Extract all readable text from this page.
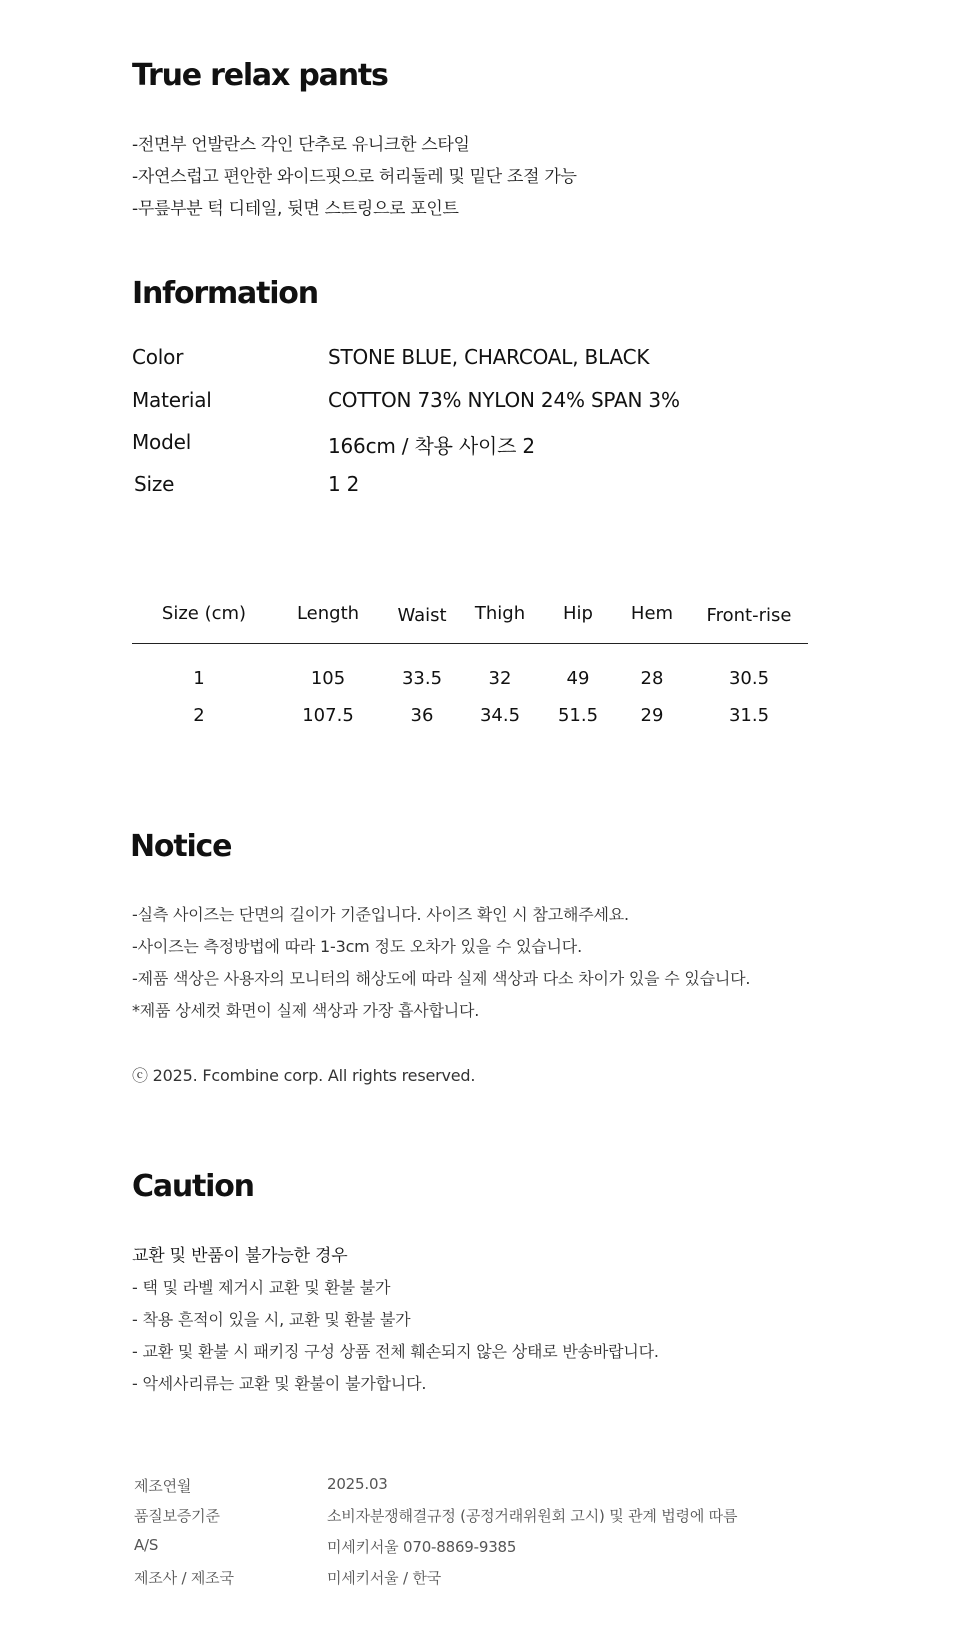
True relax pants
-전면부 언발란스 각인 단추로 유니크한 스타일
-자연스럽고 편안한 와이드핏으로 허리둘레 및 밑단 조절 가능
-무릎부분 턱 디테일, 뒷면 스트링으로 포인트
Information
Color	STONE BLUE, CHARCOAL, BLACK
Material	COTTON 73% NYLON 24% SPAN 3%
Model	166cm / 착용 사이즈 2
Size	1 2
Size (cm)	Length	Waist	Thigh	Hip	Hem	Front-rise
1	105	33.5	32	49	28	30.5
2	107.5	36	34.5	51.5	29	31.5
Notice
-실측 사이즈는 단면의 길이가 기준입니다. 사이즈 확인 시 참고해주세요.
-사이즈는 측정방법에 따라 1-3cm 정도 오차가 있을 수 있습니다.
-제품 색상은 사용자의 모니터의 해상도에 따라 실제 색상과 다소 차이가 있을 수 있습니다.
*제품 상세컷 화면이 실제 색상과 가장 흡사합니다.
ⓒ 2025. Fcombine corp. All rights reserved.
Caution
교환 및 반품이 불가능한 경우
- 택 및 라벨 제거시 교환 및 환불 불가
- 착용 흔적이 있을 시, 교환 및 환불 불가
- 교환 및 환불 시 패키징 구성 상품 전체 훼손되지 않은 상태로 반송바랍니다.
- 악세사리류는 교환 및 환불이 불가합니다.
제조연월	2025.03
품질보증기준	소비자분쟁해결규정 (공정거래위원회 고시) 및 관계 법령에 따름
A/S	미세키서울 070-8869-9385
제조사 / 제조국	미세키서울 / 한국
